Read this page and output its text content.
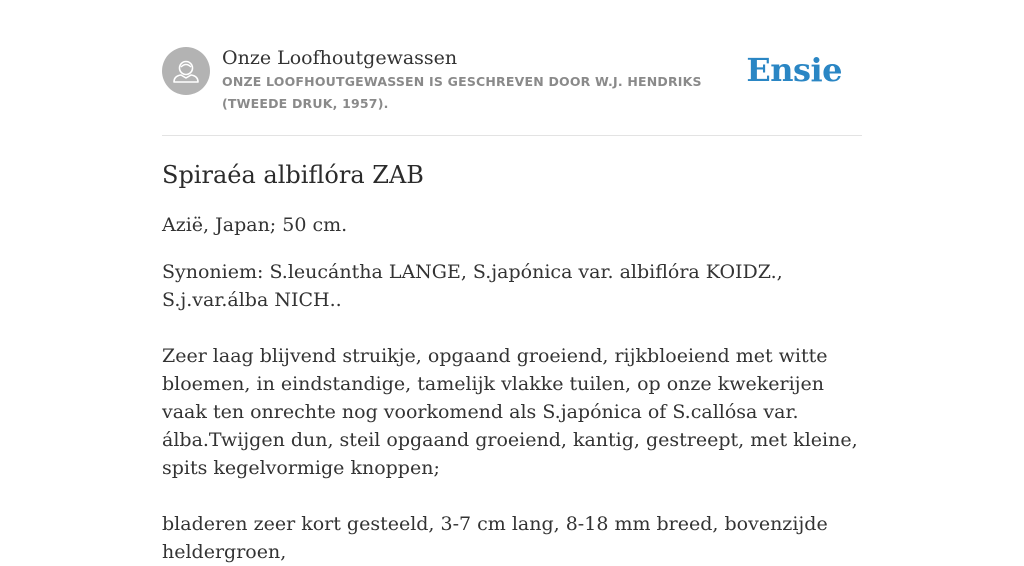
Onze Loofhoutgewassen
ONZE LOOFHOUTGEWASSEN IS GESCHREVEN DOOR W.J. HENDRIKS (TWEEDE DRUK, 1957).
Ensie
Spiraéa albiflóra ZAB

Azië, Japan; 50 cm.

Synoniem: S.leucántha LANGE, S.japónica var. albiflóra KOIDZ., S.j.var.álba NICH..

Zeer laag blijvend struikje, opgaand groeiend, rijkbloeiend met witte bloemen, in eindstandige, tamelijk vlakke tuilen, op onze kwekerijen vaak ten onrechte nog voorkomend als S.japónica of S.callósa var. álba.Twijgen dun, steil opgaand groeiend, kantig, gestreept, met kleine, spits kegelvormige knoppen;

bladeren zeer kort gesteeld, 3-7 cm lang, 8-18 mm breed, bovenzijde heldergroen,
